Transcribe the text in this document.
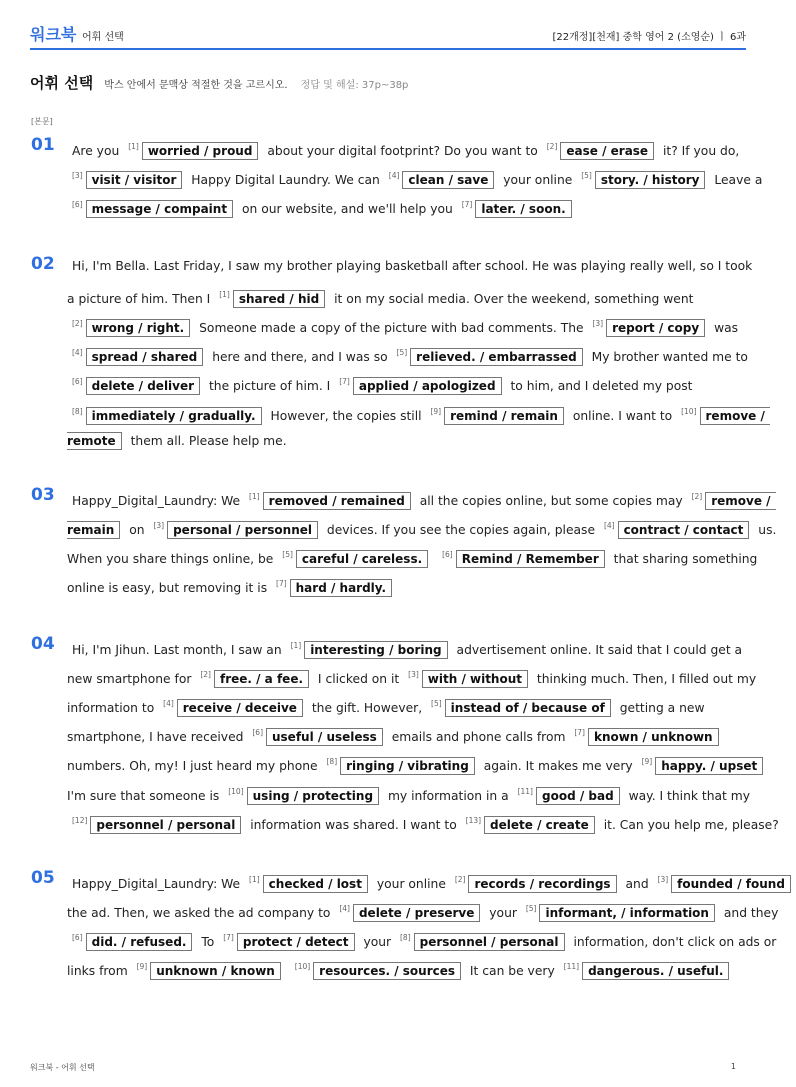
워크북 어휘 선택	[22개정][천재] 중학 영어 2 (소영순) ㅣ 6과
어휘 선택 박스 안에서 문맥상 적절한 것을 고르시오. 정답 및 해설: 37p~38p
[본문]
01 Are you [1] worried / proud about your digital footprint? Do you want to [2] ease / erase it? If you do,
[3] visit / visitor Happy Digital Laundry. We can [4] clean / save your online [5] story. / history Leave a
[6] message / compaint on our website, and we'll help you [7] later. / soon.
02 Hi, I'm Bella. Last Friday, I saw my brother playing basketball after school. He was playing really well, so I took
a picture of him. Then I [1] shared / hid it on my social media. Over the weekend, something went
[2] wrong / right. Someone made a copy of the picture with bad comments. The [3] report / copy was
[4] spread / shared here and there, and I was so [5] relieved. / embarrassed My brother wanted me to
[6] delete / deliver the picture of him. I [7] applied / apologized to him, and I deleted my post
[8] immediately / gradually. However, the copies still [9] remind / remain online. I want to [10] remove /
remote them all. Please help me.
03 Happy_Digital_Laundry: We [1] removed / remained all the copies online, but some copies may [2] remove /
remain on [3] personal / personnel devices. If you see the copies again, please [4] contract / contact us.
When you share things online, be [5] careful / careless.	[6] Remind / Remember that sharing something
online is easy, but removing it is [7] hard / hardly.
04 Hi, I'm Jihun. Last month, I saw an [1] interesting / boring advertisement online. It said that I could get a
new smartphone for [2] free. / a fee. I clicked on it [3] with / without thinking much. Then, I filled out my
information to [4] receive / deceive the gift. However, [5] instead of / because of getting a new
smartphone, I have received [6] useful / useless emails and phone calls from [7] known / unknown
numbers. Oh, my! I just heard my phone [8] ringing / vibrating again. It makes me very [9] happy. / upset
I'm sure that someone is [10] using / protecting my information in a [11] good / bad way. I think that my
[12] personnel / personal information was shared. I want to [13] delete / create it. Can you help me, please?
05 Happy_Digital_Laundry: We [1] checked / lost your online [2] records / recordings and [3] founded / found
the ad. Then, we asked the ad company to [4] delete / preserve your [5] informant, / information and they
[6] did. / refused. To [7] protect / detect your [8] personnel / personal information, don't click on ads or
links from [9] unknown / known	[10] resources. / sources It can be very [11] dangerous. / useful.
워크북 - 어휘 선택	1
